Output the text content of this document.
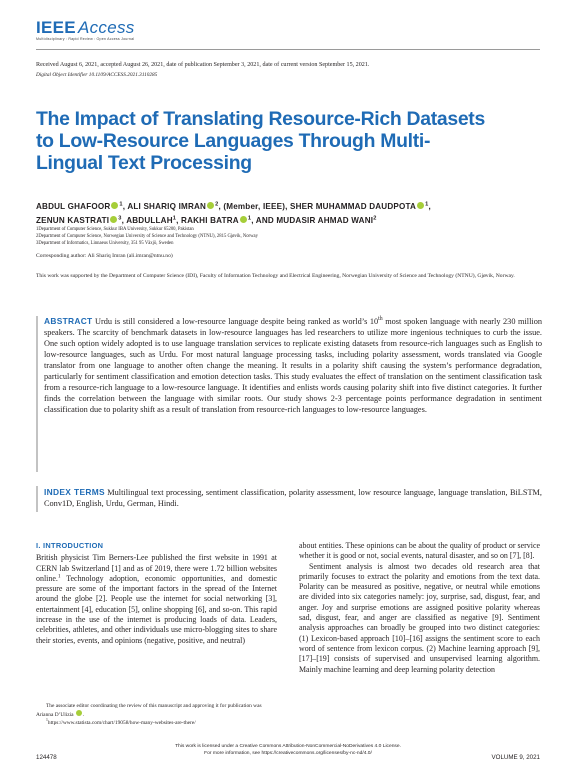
IEEE Access
Multidisciplinary : Rapid Review : Open Access Journal
Received August 6, 2021, accepted August 26, 2021, date of publication September 3, 2021, date of current version September 15, 2021.
Digital Object Identifier 10.1109/ACCESS.2021.3110285
The Impact of Translating Resource-Rich Datasets to Low-Resource Languages Through Multi-Lingual Text Processing
ABDUL GHAFOOR $^1$, ALI SHARIQ IMRAN $^2$, (Member, IEEE), SHER MUHAMMAD DAUDPOTA $^1$,
ZENUN KASTRATI $^3$, ABDULLAH$^1$, RAKHI BATRA $^1$, AND MUDASIR AHMAD WANI$^2$
1Department of Computer Science, Sukkur IBA University, Sukkur 65200, Pakistan
2Department of Computer Science, Norwegian University of Science and Technology (NTNU), 2815 Gjøvik, Norway
3Department of Informatics, Linnaeus University, 351 95 Växjö, Sweden
Corresponding author: Ali Shariq Imran (ali.imran@ntnu.no)
This work was supported by the Department of Computer Science (IDI), Faculty of Information Technology and Electrical Engineering, Norwegian University of Science and Technology (NTNU), Gjøvik, Norway.
ABSTRACT Urdu is still considered a low-resource language despite being ranked as world’s 10th most spoken language with nearly 230 million speakers. The scarcity of benchmark datasets in low-resource languages has led researchers to utilize more ingenious techniques to curb the issue. One such option widely adopted is to use language translation services to replicate existing datasets from resource-rich languages such as English to low-resource languages, such as Urdu. For most natural language processing tasks, including polarity assessment, words translated via Google translator from one language to another often change the meaning. It results in a polarity shift causing the system’s performance degradation, particularly for sentiment classification and emotion detection tasks. This study evaluates the effect of translation on the sentiment classification task from a resource-rich language to a low-resource language. It identifies and enlists words causing polarity shift into five distinct categories. It further finds the correlation between the language with similar roots. Our study shows 2-3 percentage points performance degradation in sentiment classification due to polarity shift as a result of translation from resource-rich languages to low-resource languages.
INDEX TERMS Multilingual text processing, sentiment classification, polarity assessment, low resource language, language translation, BiLSTM, Conv1D, English, Urdu, German, Hindi.
I. INTRODUCTION

British physicist Tim Berners-Lee published the first website in 1991 at CERN lab Switzerland [1] and as of 2019, there were 1.72 billion websites online.$^1$ Technology adoption, economic opportunities, and domestic pressure are some of the important factors in the spread of the Internet around the globe [2]. People use the internet for social networking [3], entertainment [4], education [5], online shopping [6], and so-on. This rapid increase in the use of the internet is producing loads of data. Leaders, celebrities, athletes, and other individuals use micro-blogging sites to share their stories, events, and opinions (negative, positive, and neutral)

about entities. These opinions can be about the quality of product or service whether it is good or not, social events, natural disaster, and so on [7], [8].

Sentiment analysis is almost two decades old research area that primarily focuses to extract the polarity and emotions from the text data. Polarity can be measured as positive, negative, or neutral while emotions are divided into six categories namely: joy, surprise, sad, disgust, fear, and anger. Joy and surprise emotions are assigned positive polarity whereas sad, disgust, fear, and anger are classified as negative [9]. Sentiment analysis approaches can broadly be grouped into two distinct categories: (1) Lexicon-based approach [10]–[16] assigns the sentiment score to each word of sentence from lexicon corpus. (2) Machine learning approach [9], [17]–[19] consists of supervised and unsupervised learning algorithm. Mainly machine learning and deep learning polarity detection

The associate editor coordinating the review of this manuscript and approving it for publication was Arianna D’Ulizia .
$^1$https://www.statista.com/chart/19058/how-many-websites-are-there/
This work is licensed under a Creative Commons Attribution-NonCommercial-NoDerivatives 4.0 License.
For more information, see https://creativecommons.org/licenses/by-nc-nd/4.0/
124478	VOLUME 9, 2021
